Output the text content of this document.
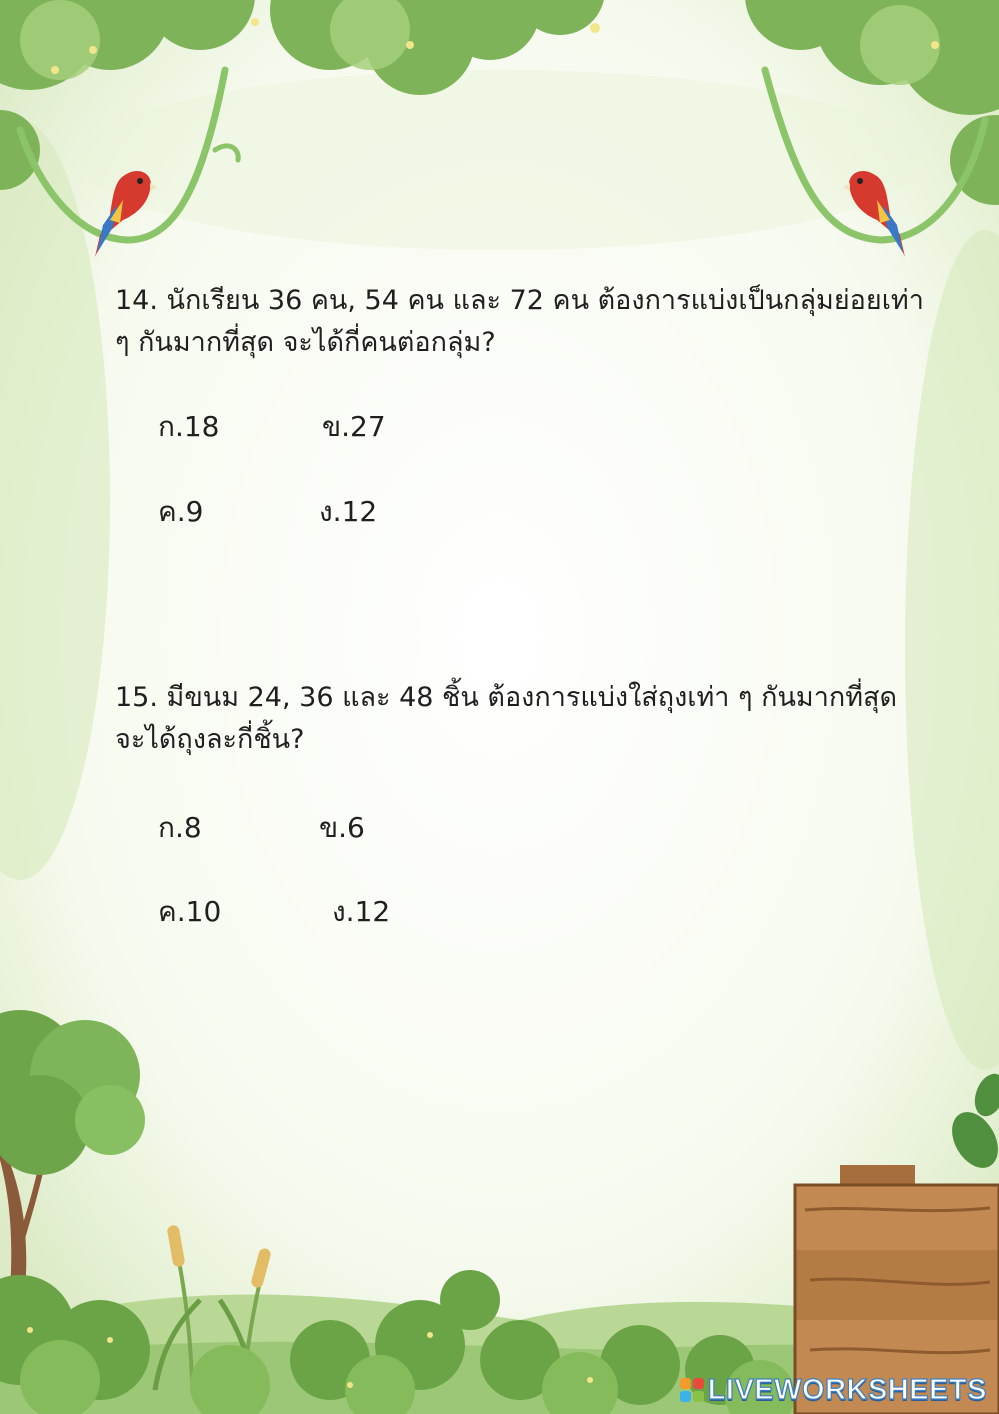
14. นักเรียน 36 คน, 54 คน และ 72 คน ต้องการแบ่งเป็นกลุ่มย่อยเท่า ๆ กันมากที่สุด จะได้กี่คนต่อกลุ่ม?

ก.18	ข.27
ค.9	ง.12

15. มีขนม 24, 36 และ 48 ชิ้น ต้องการแบ่งใส่ถุงเท่า ๆ กันมากที่สุด จะได้ถุงละกี่ชิ้น?

ก.8	ข.6
ค.10	ง.12
LIVEWORKSHEETS
